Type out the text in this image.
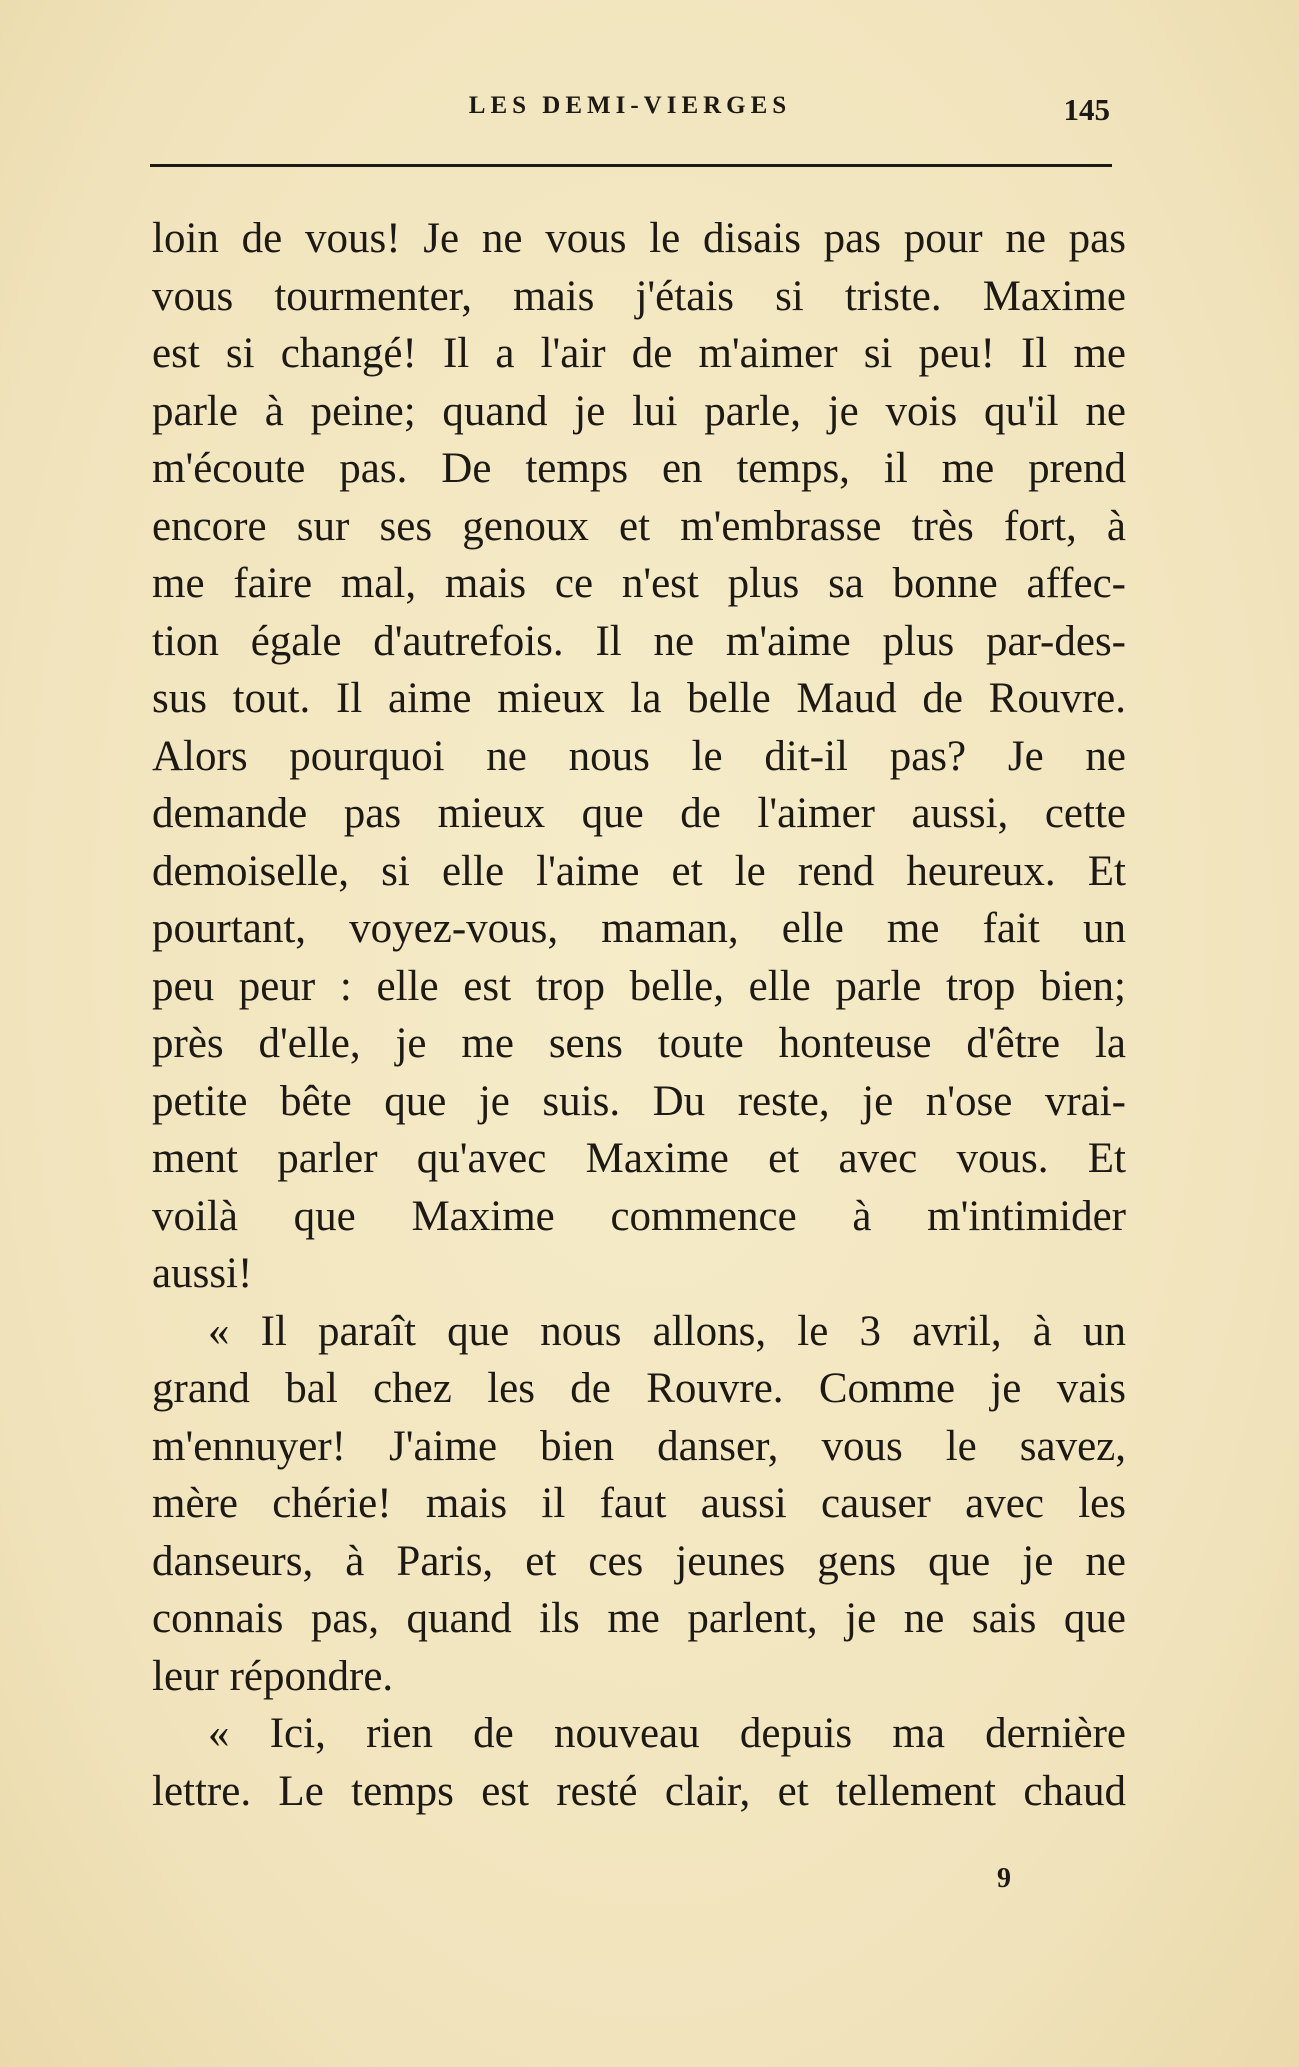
LES DEMI-VIERGES	145
loin de vous! Je ne vous le disais pas pour ne pas
vous tourmenter, mais j'étais si triste. Maxime
est si changé! Il a l'air de m'aimer si peu! Il me
parle à peine; quand je lui parle, je vois qu'il ne
m'écoute pas. De temps en temps, il me prend
encore sur ses genoux et m'embrasse très fort, à
me faire mal, mais ce n'est plus sa bonne affec-
tion égale d'autrefois. Il ne m'aime plus par-des-
sus tout. Il aime mieux la belle Maud de Rouvre.
Alors pourquoi ne nous le dit-il pas? Je ne
demande pas mieux que de l'aimer aussi, cette
demoiselle, si elle l'aime et le rend heureux. Et
pourtant, voyez-vous, maman, elle me fait un
peu peur : elle est trop belle, elle parle trop bien;
près d'elle, je me sens toute honteuse d'être la
petite bête que je suis. Du reste, je n'ose vrai-
ment parler qu'avec Maxime et avec vous. Et
voilà que Maxime commence à m'intimider
aussi!
« Il paraît que nous allons, le 3 avril, à un
grand bal chez les de Rouvre. Comme je vais
m'ennuyer! J'aime bien danser, vous le savez,
mère chérie! mais il faut aussi causer avec les
danseurs, à Paris, et ces jeunes gens que je ne
connais pas, quand ils me parlent, je ne sais que
leur répondre.
« Ici, rien de nouveau depuis ma dernière
lettre. Le temps est resté clair, et tellement chaud
9
